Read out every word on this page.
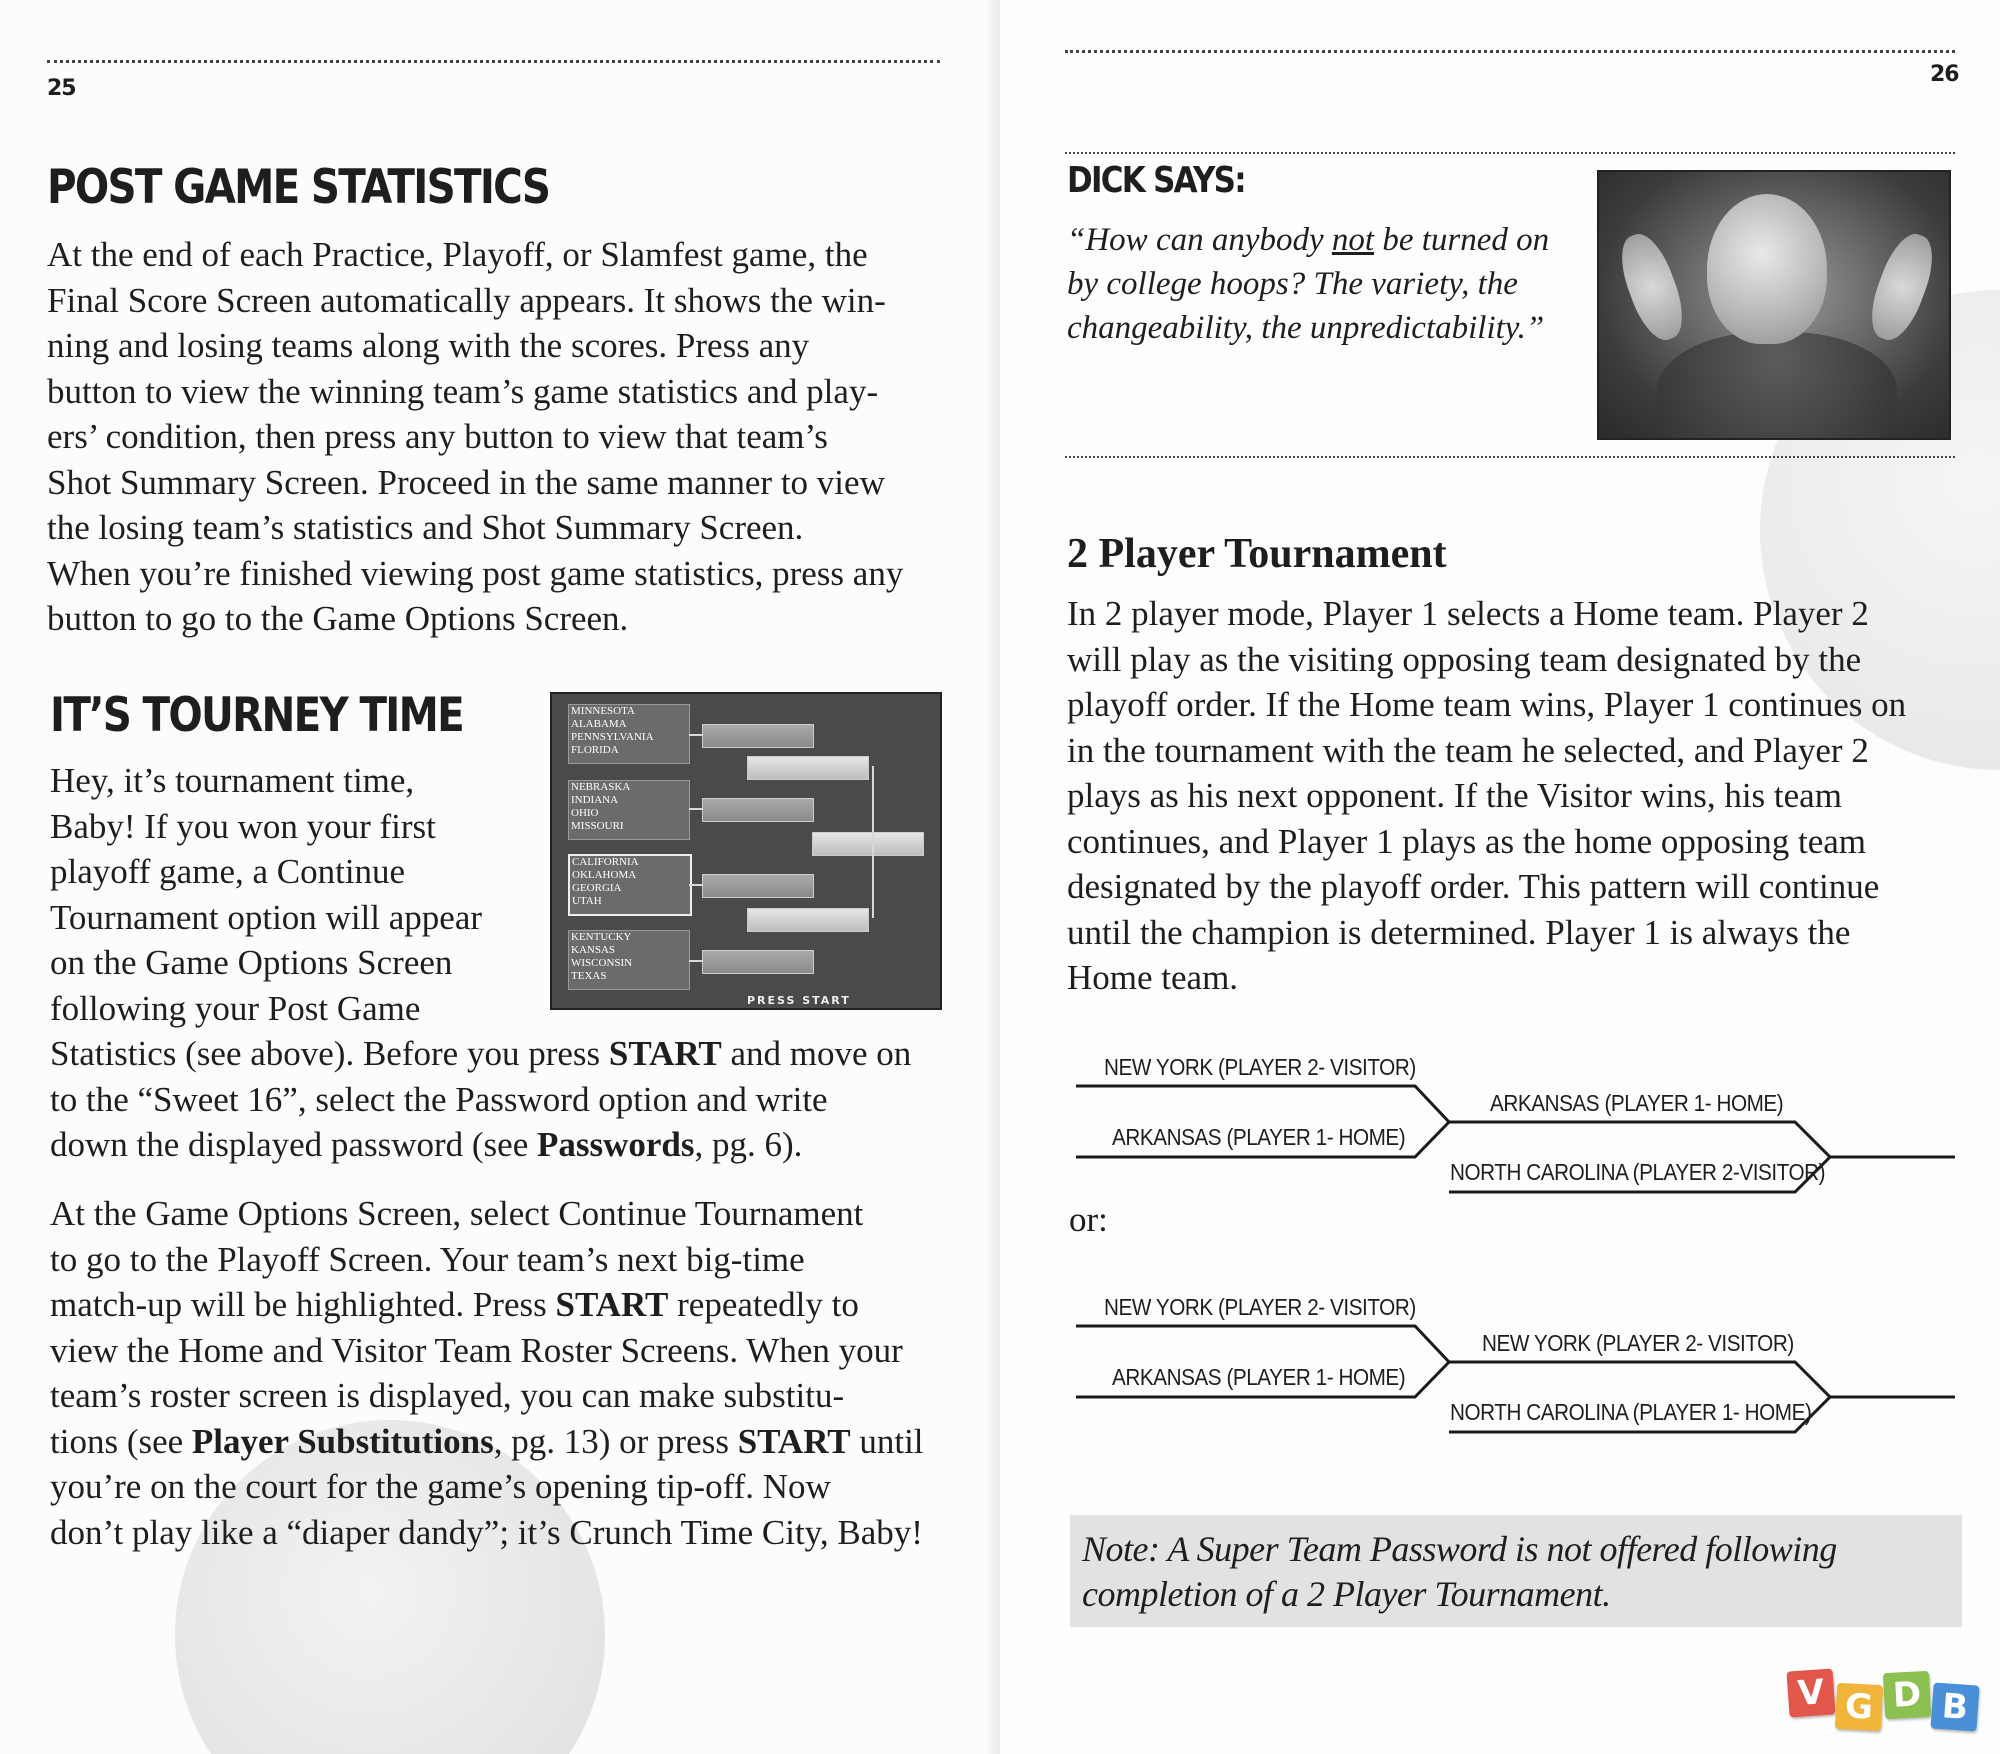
25
POST GAME STATISTICS

At the end of each Practice, Playoff, or Slamfest game, the
Final Score Screen automatically appears. It shows the win-
ning and losing teams along with the scores. Press any
button to view the winning team’s game statistics and play-
ers’ condition, then press any button to view that team’s
Shot Summary Screen. Proceed in the same manner to view
the losing team’s statistics and Shot Summary Screen.
When you’re finished viewing post game statistics, press any
button to go to the Game Options Screen.

IT’S TOURNEY TIME

Hey, it’s tournament time,
Baby! If you won your first
playoff game, a Continue
Tournament option will appear
on the Game Options Screen
following your Post Game

Statistics (see above). Before you press START and move on
to the “Sweet 16”, select the Password option and write
down the displayed password (see Passwords, pg. 6).

At the Game Options Screen, select Continue Tournament
to go to the Playoff Screen. Your team’s next big-time
match-up will be highlighted. Press START repeatedly to
view the Home and Visitor Team Roster Screens. When your
team’s roster screen is displayed, you can make substitu-
tions (see Player Substitutions, pg. 13) or press START until
you’re on the court for the game’s opening tip-off. Now
don’t play like a “diaper dandy”; it’s Crunch Time City, Baby!

MINNESOTA
ALABAMA
PENNSYLVANIA
FLORIDA
NEBRASKA
INDIANA
OHIO
MISSOURI
CALIFORNIA
OKLAHOMA
GEORGIA
UTAH
KENTUCKY
KANSAS
WISCONSIN
TEXAS
PRESS START
26
DICK SAYS:

“How can anybody not be turned on
by college hoops? The variety, the
changeability, the unpredictability.”

2 Player Tournament

In 2 player mode, Player 1 selects a Home team. Player 2
will play as the visiting opposing team designated by the
playoff order. If the Home team wins, Player 1 continues on
in the tournament with the team he selected, and Player 2
plays as his next opponent. If the Visitor wins, his team
continues, and Player 1 plays as the home opposing team
designated by the playoff order. This pattern will continue
until the champion is determined. Player 1 is always the
Home team.

NEW YORK (PLAYER 2- VISITOR)
ARKANSAS (PLAYER 1- HOME)
ARKANSAS (PLAYER 1- HOME)
NORTH CAROLINA (PLAYER 2-VISITOR)
or:
NEW YORK (PLAYER 2- VISITOR)
ARKANSAS (PLAYER 1- HOME)
NEW YORK (PLAYER 2- VISITOR)
NORTH CAROLINA (PLAYER 1- HOME)

Note: A Super Team Password is not offered following

completion of a 2 Player Tournament.

V G D B
